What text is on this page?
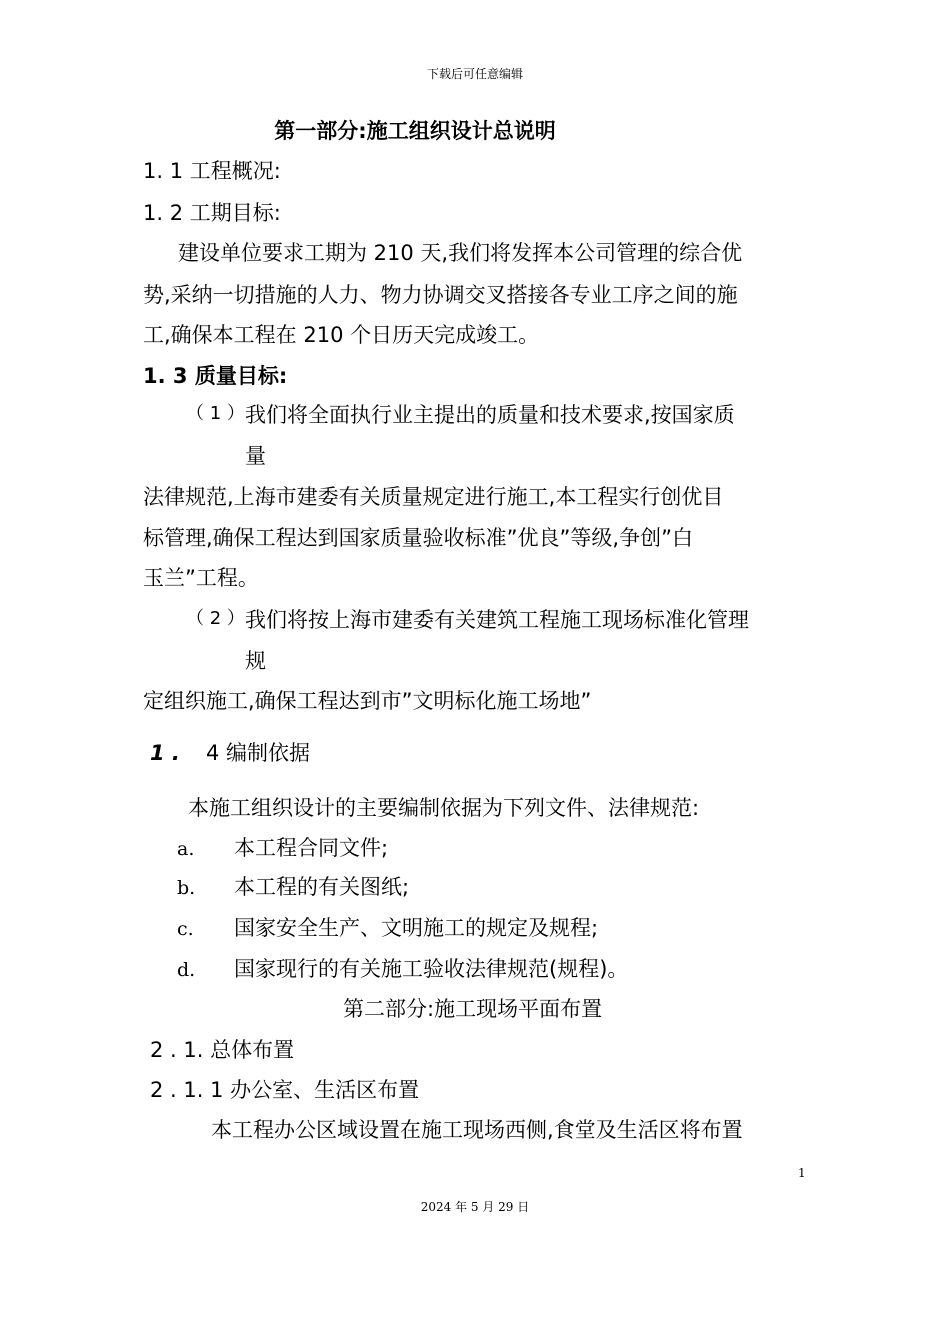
下载后可任意编辑
第一部分:施工组织设计总说明
1. 1 工程概况:
1. 2 工期目标:
建设单位要求工期为 210 天,我们将发挥本公司管理的综合优
势,采纳一切措施的人力、物力协调交叉搭接各专业工序之间的施
工,确保本工程在 210 个日历天完成竣工。
1. 3 质量目标:
（ 1 ） 我们将全面执行业主提出的质量和技术要求,按国家质
量
法律规范,上海市建委有关质量规定进行施工,本工程实行创优目
标管理,确保工程达到国家质量验收标准”优良”等级,争创”白
玉兰”工程。
（ 2 ） 我们将按上海市建委有关建筑工程施工现场标准化管理
规
定组织施工,确保工程达到市”文明标化施工场地”
1 . 4 编制依据
本施工组织设计的主要编制依据为下列文件、法律规范:
a. 本工程合同文件;
b. 本工程的有关图纸;
c. 国家安全生产、文明施工的规定及规程;
d. 国家现行的有关施工验收法律规范(规程)。
第二部分:施工现场平面布置
2 . 1. 总体布置
2 . 1. 1 办公室、生活区布置
本工程办公区域设置在施工现场西侧,食堂及生活区将布置
1
2024 年 5 月 29 日
